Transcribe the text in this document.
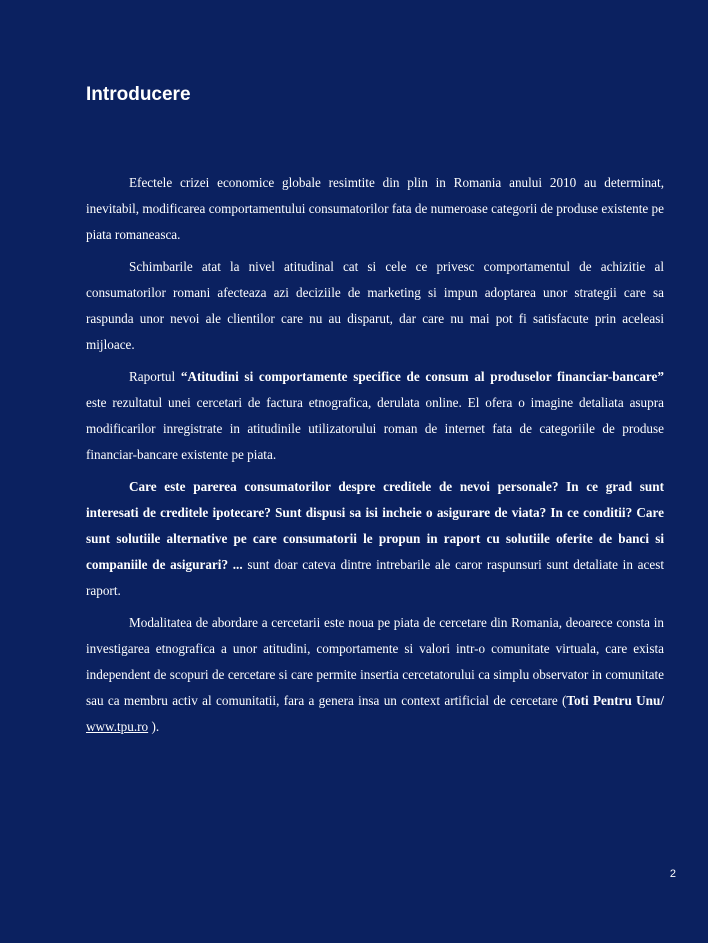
Introducere

Efectele crizei economice globale resimtite din plin in Romania anului 2010 au determinat, inevitabil, modificarea comportamentului consumatorilor fata de numeroase categorii de produse existente pe piata romaneasca.

Schimbarile atat la nivel atitudinal cat si cele ce privesc comportamentul de achizitie al consumatorilor romani afecteaza azi deciziile de marketing si impun adoptarea unor strategii care sa raspunda unor nevoi ale clientilor care nu au disparut, dar care nu mai pot fi satisfacute prin aceleasi mijloace.

Raportul “Atitudini si comportamente specifice de consum al produselor financiar-bancare” este rezultatul unei cercetari de factura etnografica, derulata online. El ofera o imagine detaliata asupra modificarilor inregistrate in atitudinile utilizatorului roman de internet fata de categoriile de produse financiar-bancare existente pe piata.

Care este parerea consumatorilor despre creditele de nevoi personale? In ce grad sunt interesati de creditele ipotecare? Sunt dispusi sa isi incheie o asigurare de viata? In ce conditii? Care sunt solutiile alternative pe care consumatorii le propun in raport cu solutiile oferite de banci si companiile de asigurari? ... sunt doar cateva dintre intrebarile ale caror raspunsuri sunt detaliate in acest raport.

Modalitatea de abordare a cercetarii este noua pe piata de cercetare din Romania, deoarece consta in investigarea etnografica a unor atitudini, comportamente si valori intr-o comunitate virtuala, care exista independent de scopuri de cercetare si care permite insertia cercetatorului ca simplu observator in comunitate sau ca membru activ al comunitatii, fara a genera insa un context artificial de cercetare (Toti Pentru Unu/ www.tpu.ro ).

2
